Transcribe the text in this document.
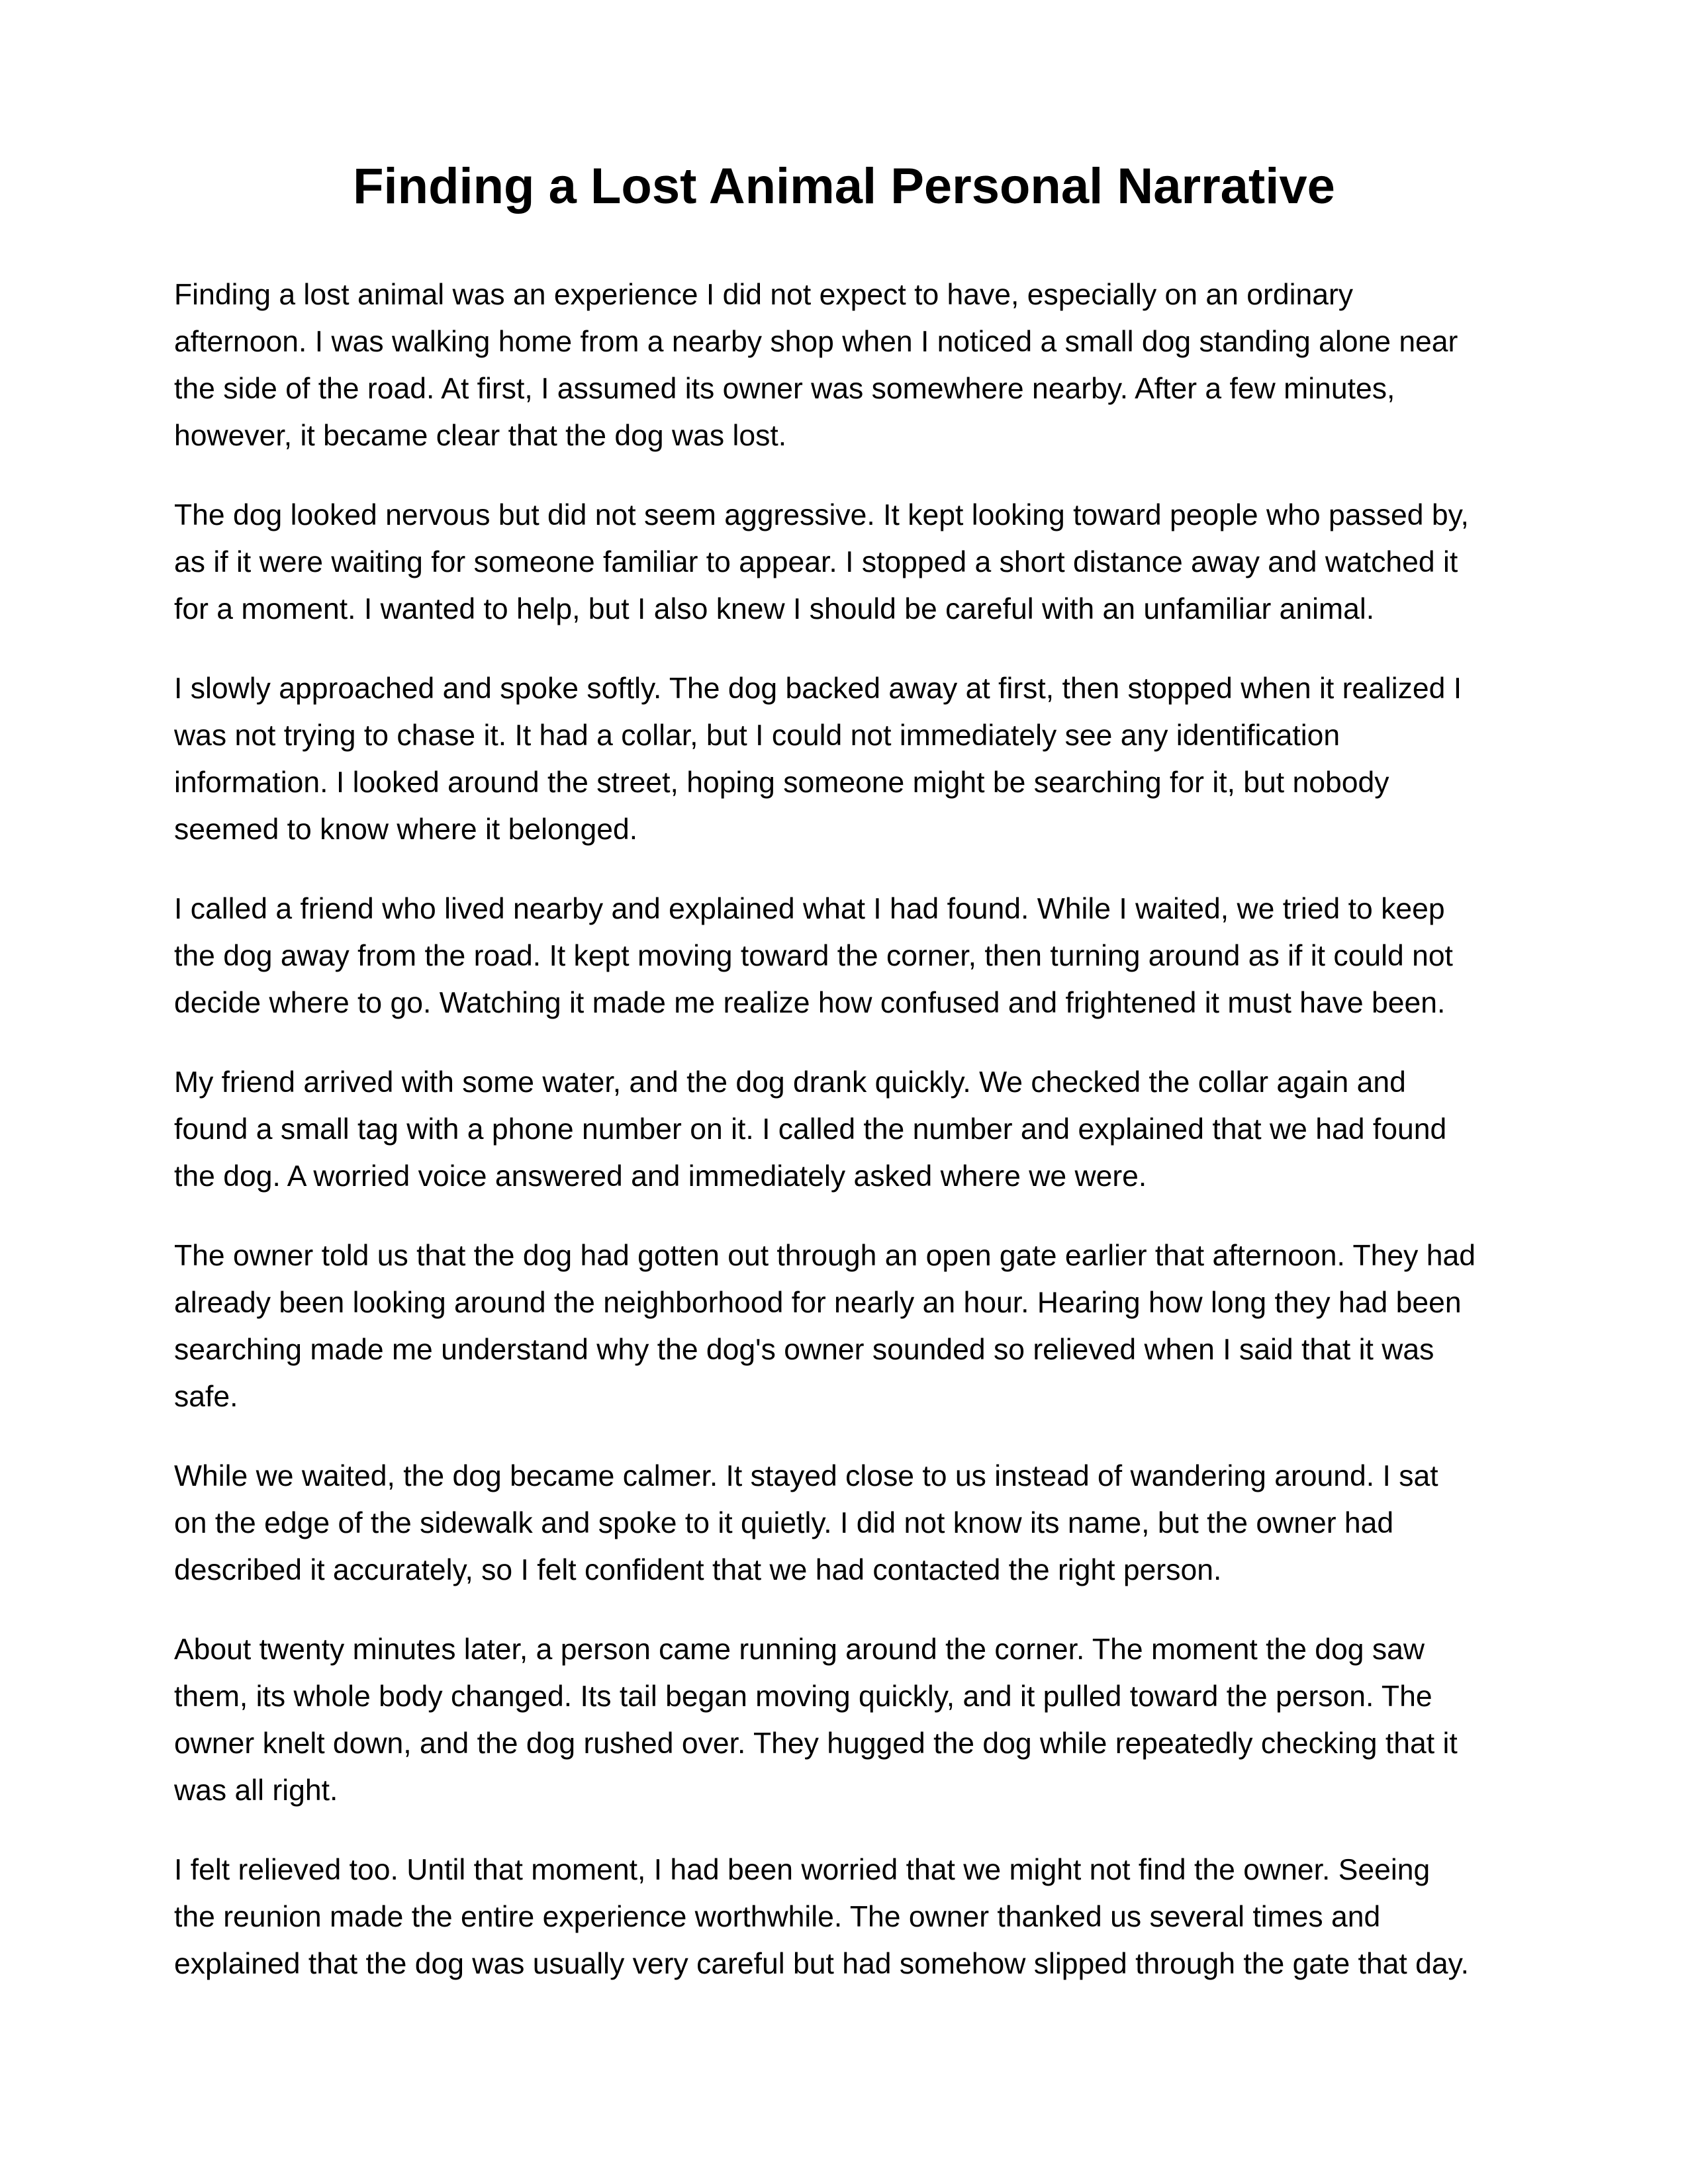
Finding a Lost Animal Personal Narrative

Finding a lost animal was an experience I did not expect to have, especially on an ordinary
afternoon. I was walking home from a nearby shop when I noticed a small dog standing alone near
the side of the road. At first, I assumed its owner was somewhere nearby. After a few minutes,
however, it became clear that the dog was lost.

The dog looked nervous but did not seem aggressive. It kept looking toward people who passed by,
as if it were waiting for someone familiar to appear. I stopped a short distance away and watched it
for a moment. I wanted to help, but I also knew I should be careful with an unfamiliar animal.

I slowly approached and spoke softly. The dog backed away at first, then stopped when it realized I
was not trying to chase it. It had a collar, but I could not immediately see any identification
information. I looked around the street, hoping someone might be searching for it, but nobody
seemed to know where it belonged.

I called a friend who lived nearby and explained what I had found. While I waited, we tried to keep
the dog away from the road. It kept moving toward the corner, then turning around as if it could not
decide where to go. Watching it made me realize how confused and frightened it must have been.

My friend arrived with some water, and the dog drank quickly. We checked the collar again and
found a small tag with a phone number on it. I called the number and explained that we had found
the dog. A worried voice answered and immediately asked where we were.

The owner told us that the dog had gotten out through an open gate earlier that afternoon. They had
already been looking around the neighborhood for nearly an hour. Hearing how long they had been
searching made me understand why the dog's owner sounded so relieved when I said that it was
safe.

While we waited, the dog became calmer. It stayed close to us instead of wandering around. I sat
on the edge of the sidewalk and spoke to it quietly. I did not know its name, but the owner had
described it accurately, so I felt confident that we had contacted the right person.

About twenty minutes later, a person came running around the corner. The moment the dog saw
them, its whole body changed. Its tail began moving quickly, and it pulled toward the person. The
owner knelt down, and the dog rushed over. They hugged the dog while repeatedly checking that it
was all right.

I felt relieved too. Until that moment, I had been worried that we might not find the owner. Seeing
the reunion made the entire experience worthwhile. The owner thanked us several times and
explained that the dog was usually very careful but had somehow slipped through the gate that day.
